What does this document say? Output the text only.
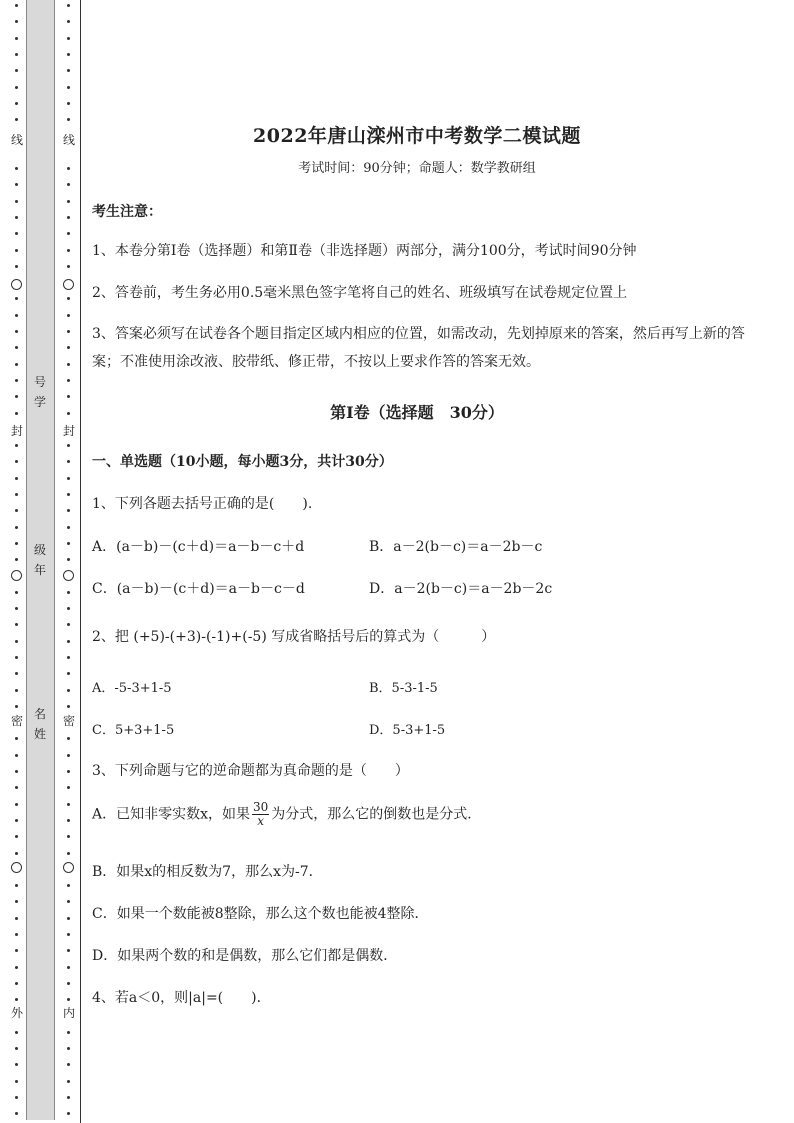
线
封
密
外
线
封
密
内
号学
级年
名姓
2022年唐山滦州市中考数学二模试题
考试时间：90分钟；命题人：数学教研组
考生注意：
1、本卷分第I卷（选择题）和第Ⅱ卷（非选择题）两部分，满分100分，考试时间90分钟
2、答卷前，考生务必用0.5毫米黑色签字笔将自己的姓名、班级填写在试卷规定位置上
3、答案必须写在试卷各个题目指定区域内相应的位置，如需改动，先划掉原来的答案，然后再写上新的答案；不准使用涂改液、胶带纸、修正带，不按以上要求作答的答案无效。
第I卷（选择题　30分）
一、单选题（10小题，每小题3分，共计30分）
1、下列各题去括号正确的是(　　).
A．(a－b)－(c＋d)＝a－b－c＋d	B．a－2(b－c)＝a－2b－c
C．(a－b)－(c＋d)＝a－b－c－d	D．a－2(b－c)＝a－2b－2c
2、把 (+5)-(+3)-(-1)+(-5) 写成省略括号后的算式为（　　　）
A．-5-3+1-5	B．5-3-1-5
C．5+3+1-5	D．5-3+1-5
3、下列命题与它的逆命题都为真命题的是（　　）
A．已知非零实数x，如果 $\frac{30}{x}$ 为分式，那么它的倒数也是分式．
B．如果x的相反数为7，那么x为-7．
C．如果一个数能被8整除，那么这个数也能被4整除．
D．如果两个数的和是偶数，那么它们都是偶数．
4、若a＜0，则|a|=(　　)．
